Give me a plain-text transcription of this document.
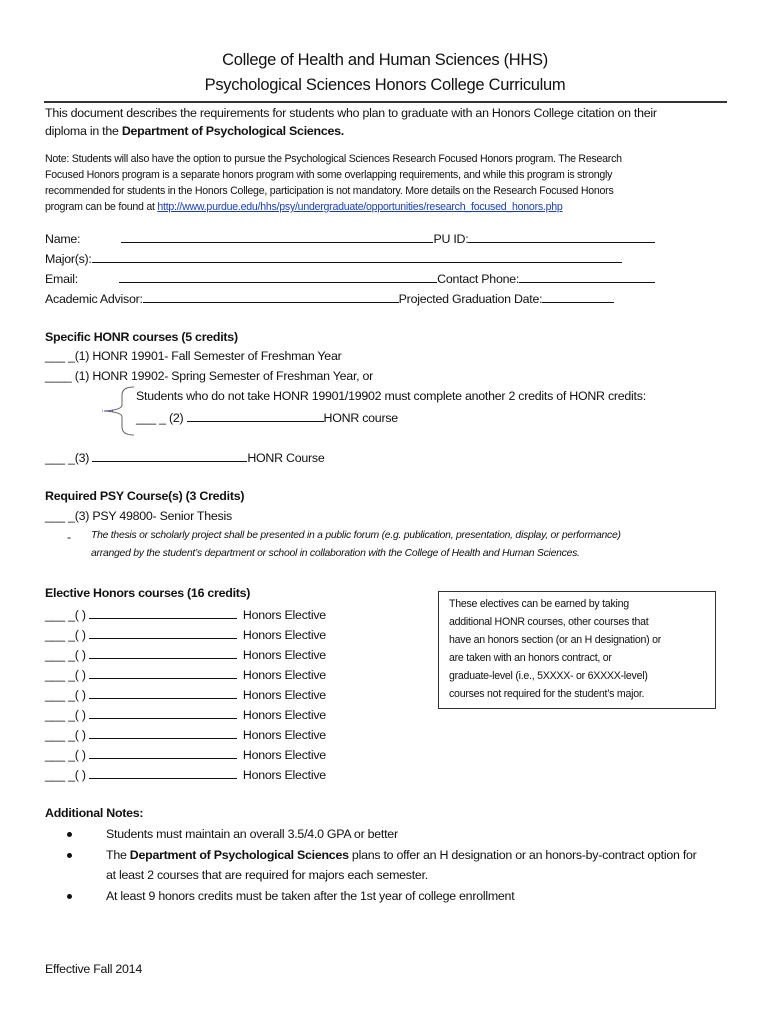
College of Health and Human Sciences (HHS)
Psychological Sciences Honors College Curriculum
This document describes the requirements for students who plan to graduate with an Honors College citation on their
diploma in the Department of Psychological Sciences.
Note: Students will also have the option to pursue the Psychological Sciences Research Focused Honors program. The Research
Focused Honors program is a separate honors program with some overlapping requirements, and while this program is strongly
recommended for students in the Honors College, participation is not mandatory. More details on the Research Focused Honors
program can be found at http://www.purdue.edu/hhs/psy/undergraduate/opportunities/research_focused_honors.php
Name:	PU ID:
Major(s):
Email:	Contact Phone:
Academic Advisor:	Projected Graduation Date:
Specific HONR courses (5 credits)
___ _(1) HONR 19901- Fall Semester of Freshman Year
____ (1) HONR 19902- Spring Semester of Freshman Year, or
Students who do not take HONR 19901/19902 must complete another 2 credits of HONR credits:
___ _ (2)	HONR course
___ _(3)	HONR Course
Required PSY Course(s) (3 Credits)
___ _(3) PSY 49800- Senior Thesis
- The thesis or scholarly project shall be presented in a public forum (e.g. publication, presentation, display, or performance)
arranged by the student’s department or school in collaboration with the College of Health and Human Sciences.
Elective Honors courses (16 credits)
___ _( )	Honors Elective
___ _( )	Honors Elective
___ _( )	Honors Elective
___ _( )	Honors Elective
___ _( )	Honors Elective
___ _( )	Honors Elective
___ _( )	Honors Elective
___ _( )	Honors Elective
___ _( )	Honors Elective
These electives can be earned by taking
additional HONR courses, other courses that
have an honors section (or an H designation) or
are taken with an honors contract, or
graduate-level (i.e., 5XXXX- or 6XXXX-level)
courses not required for the student’s major.
Additional Notes:
Students must maintain an overall 3.5/4.0 GPA or better
The Department of Psychological Sciences plans to offer an H designation or an honors-by-contract option for
at least 2 courses that are required for majors each semester.
At least 9 honors credits must be taken after the 1st year of college enrollment
Effective Fall 2014
